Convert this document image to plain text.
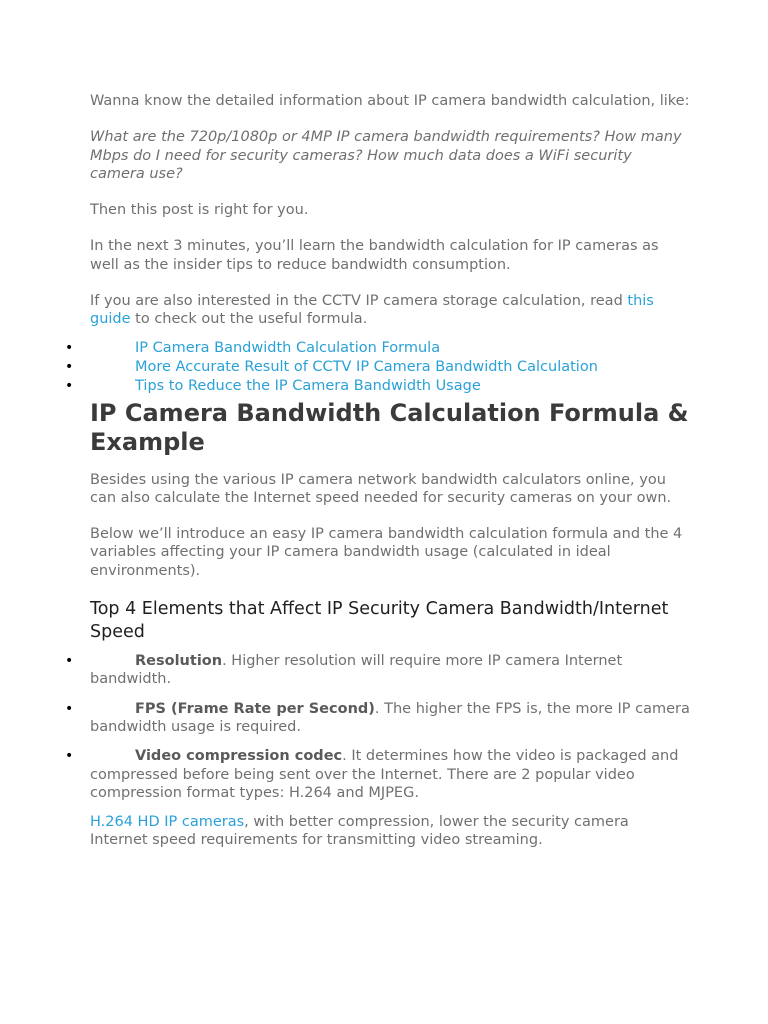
Wanna know the detailed information about IP camera bandwidth calculation, like:

What are the 720p/1080p or 4MP IP camera bandwidth requirements? How many Mbps do I need for security cameras? How much data does a WiFi security camera use?

Then this post is right for you.

In the next 3 minutes, you’ll learn the bandwidth calculation for IP cameras as well as the insider tips to reduce bandwidth consumption.

If you are also interested in the CCTV IP camera storage calculation, read this guide to check out the useful formula.

•	IP Camera Bandwidth Calculation Formula
•	More Accurate Result of CCTV IP Camera Bandwidth Calculation
•	Tips to Reduce the IP Camera Bandwidth Usage
IP Camera Bandwidth Calculation Formula & Example

Besides using the various IP camera network bandwidth calculators online, you can also calculate the Internet speed needed for security cameras on your own.

Below we’ll introduce an easy IP camera bandwidth calculation formula and the 4 variables affecting your IP camera bandwidth usage (calculated in ideal environments).

Top 4 Elements that Affect IP Security Camera Bandwidth/Internet Speed
•	Resolution. Higher resolution will require more IP camera Internet bandwidth.
•	FPS (Frame Rate per Second). The higher the FPS is, the more IP camera bandwidth usage is required.
•	Video compression codec. It determines how the video is packaged and compressed before being sent over the Internet. There are 2 popular video compression format types: H.264 and MJPEG.

H.264 HD IP cameras, with better compression, lower the security camera Internet speed requirements for transmitting video streaming.
